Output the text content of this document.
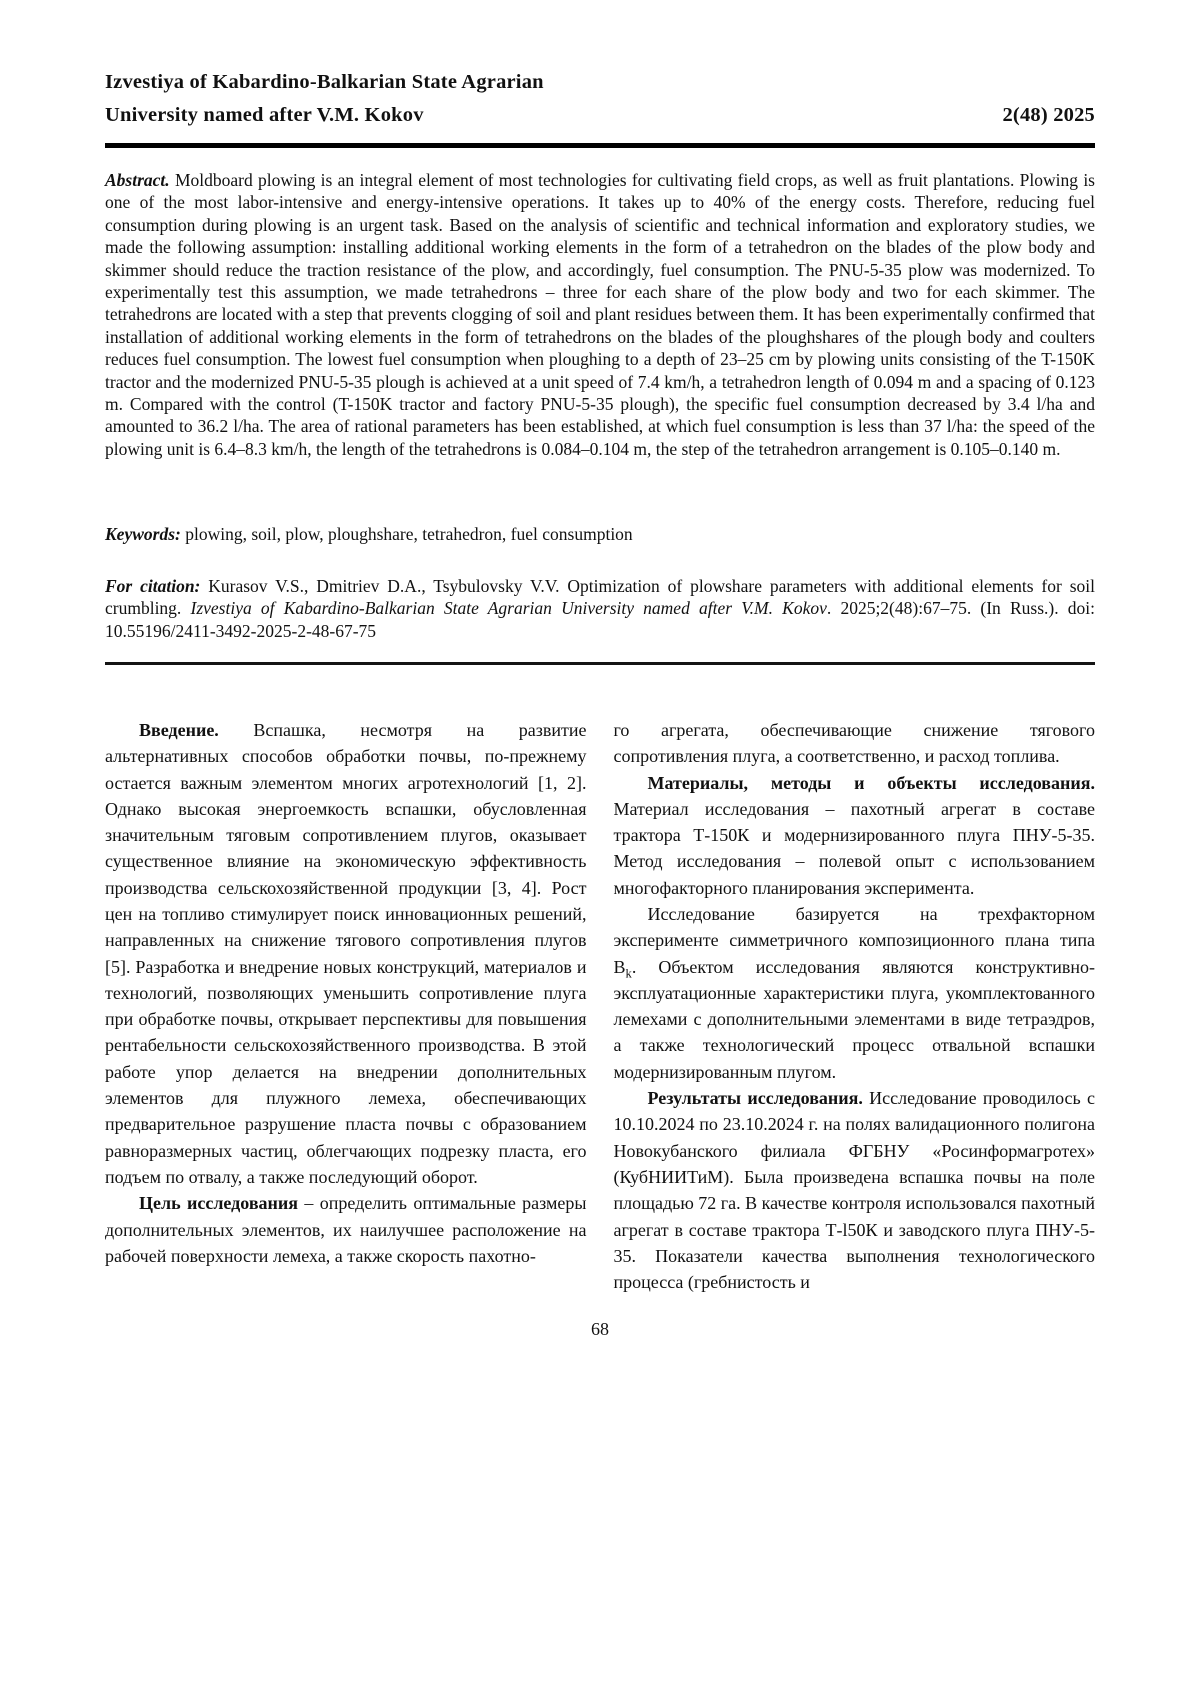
Izvestiya of Kabardino-Balkarian State Agrarian
University named after V.M. Kokov	2(48) 2025

Abstract. Moldboard plowing is an integral element of most technologies for cultivating field crops, as well as fruit plantations. Plowing is one of the most labor-intensive and energy-intensive operations. It takes up to 40% of the energy costs. Therefore, reducing fuel consumption during plowing is an urgent task. Based on the analysis of scientific and technical information and exploratory studies, we made the following assumption: installing additional working elements in the form of a tetrahedron on the blades of the plow body and skimmer should reduce the traction resistance of the plow, and accordingly, fuel consumption. The PNU-5-35 plow was modernized. To experimentally test this assumption, we made tetrahedrons – three for each share of the plow body and two for each skimmer. The tetrahedrons are located with a step that prevents clogging of soil and plant residues between them. It has been experimentally confirmed that installation of additional working elements in the form of tetrahedrons on the blades of the ploughshares of the plough body and coulters reduces fuel consumption. The lowest fuel consumption when ploughing to a depth of 23–25 cm by plowing units consisting of the T-150K tractor and the modernized PNU-5-35 plough is achieved at a unit speed of 7.4 km/h, a tetrahedron length of 0.094 m and a spacing of 0.123 m. Compared with the control (T-150K tractor and factory PNU-5-35 plough), the specific fuel consumption decreased by 3.4 l/ha and amounted to 36.2 l/ha. The area of rational parameters has been established, at which fuel consumption is less than 37 l/ha: the speed of the plowing unit is 6.4–8.3 km/h, the length of the tetrahedrons is 0.084–0.104 m, the step of the tetrahedron arrangement is 0.105–0.140 m.

Keywords: plowing, soil, plow, ploughshare, tetrahedron, fuel consumption

For citation: Kurasov V.S., Dmitriev D.A., Tsybulovsky V.V. Optimization of plowshare parameters with additional elements for soil crumbling. Izvestiya of Kabardino-Balkarian State Agrarian University named after V.M. Kokov. 2025;2(48):67–75. (In Russ.). doi: 10.55196/2411-3492-2025-2-48-67-75

Введение. Вспашка, несмотря на развитие альтернативных способов обработки почвы, по-прежнему остается важным элементом многих агротехнологий [1, 2]. Однако высокая энергоемкость вспашки, обусловленная значительным тяговым сопротивлением плугов, оказывает существенное влияние на экономическую эффективность производства сельскохозяйственной продукции [3, 4]. Рост цен на топливо стимулирует поиск инновационных решений, направленных на снижение тягового сопротивления плугов [5]. Разработка и внедрение новых конструкций, материалов и технологий, позволяющих уменьшить сопротивление плуга при обработке почвы, открывает перспективы для повышения рентабельности сельскохозяйственного производства. В этой работе упор делается на внедрении дополнительных элементов для плужного лемеха, обеспечивающих предварительное разрушение пласта почвы с образованием равноразмерных частиц, облегчающих подрезку пласта, его подъем по отвалу, а также последующий оборот.

Цель исследования – определить оптимальные размеры дополнительных элементов, их наилучшее расположение на рабочей поверхности лемеха, а также скорость пахотно-

го агрегата, обеспечивающие снижение тягового сопротивления плуга, а соответственно, и расход топлива.

Материалы, методы и объекты исследования. Материал исследования – пахотный агрегат в составе трактора Т-150К и модернизированного плуга ПНУ-5-35. Метод исследования – полевой опыт с использованием многофакторного планирования эксперимента.

Исследование базируется на трехфакторном эксперименте симметричного композиционного плана типа $B_k$. Объектом исследования являются конструктивно-эксплуатационные характеристики плуга, укомплектованного лемехами с дополнительными элементами в виде тетраэдров, а также технологический процесс отвальной вспашки модернизированным плугом.

Результаты исследования. Исследование проводилось с 10.10.2024 по 23.10.2024 г. на полях валидационного полигона Новокубанского филиала ФГБНУ «Росинформагротех» (КубНИИТиМ). Была произведена вспашка почвы на поле площадью 72 га. В качестве контроля использовался пахотный агрегат в составе трактора Т-l50К и заводского плуга ПНУ-5-35. Показатели качества выполнения технологического процесса (гребнистость и

68
